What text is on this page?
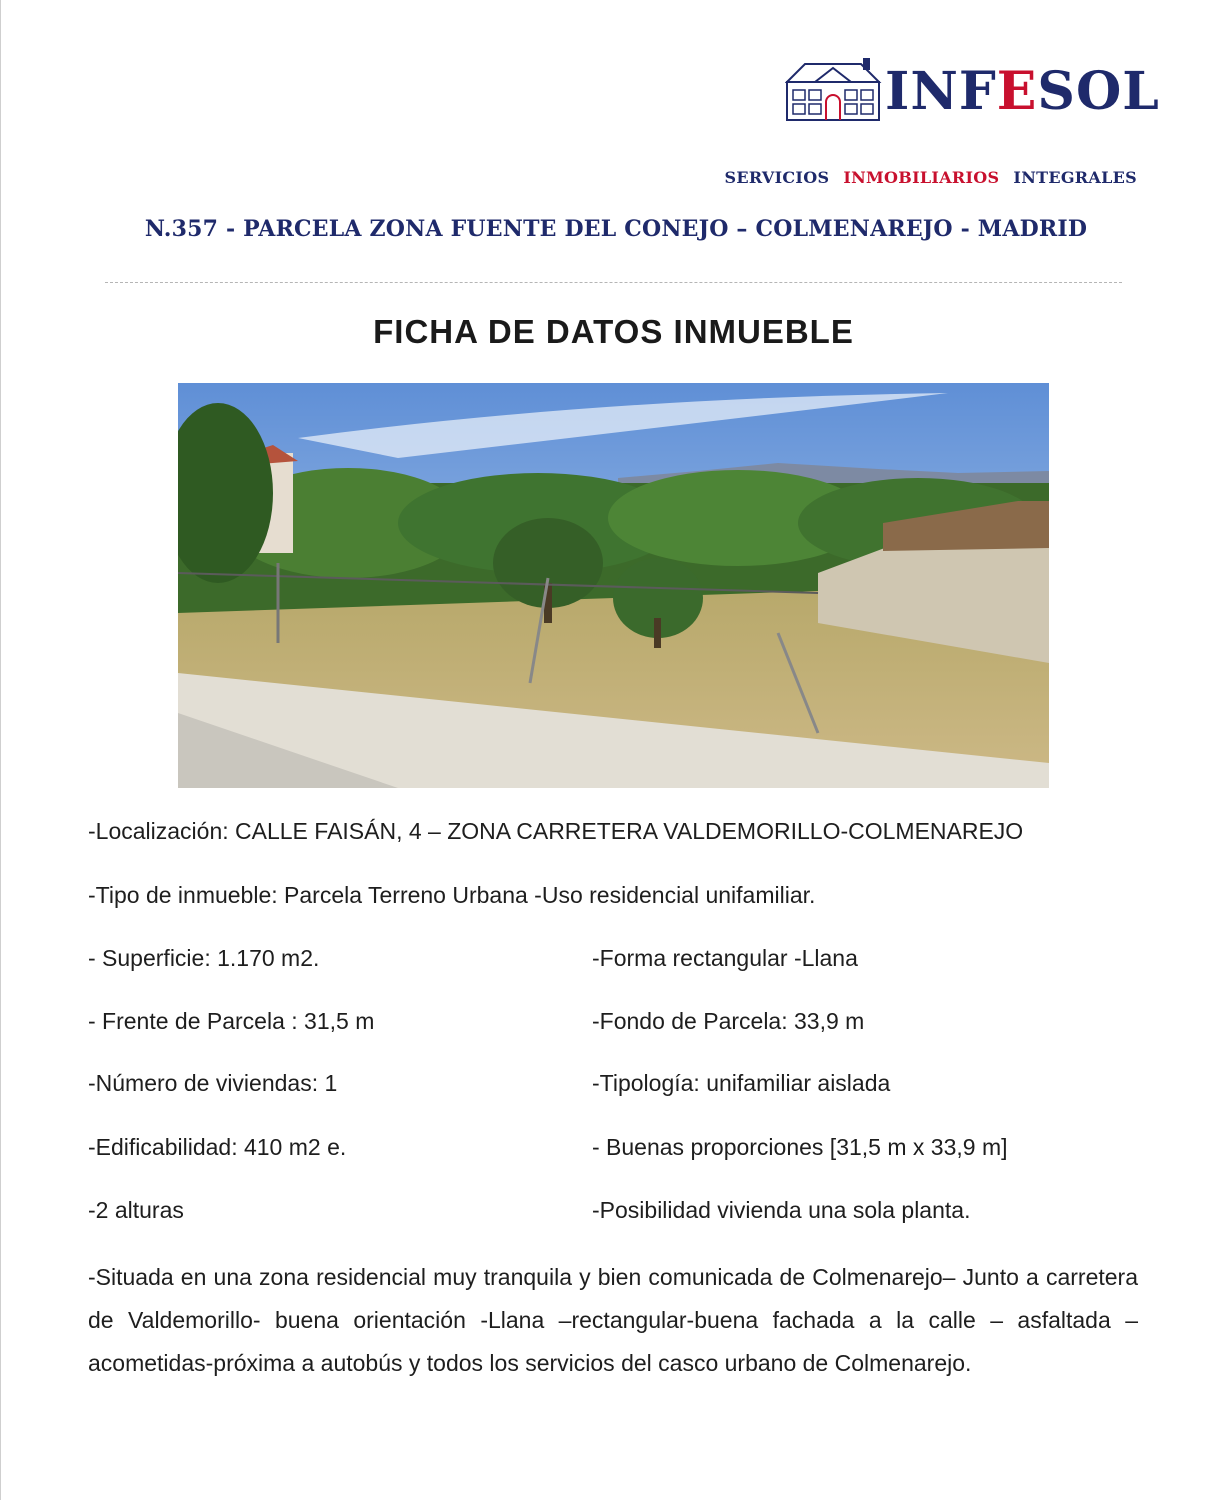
INFESOL
SERVICIOS INMOBILIARIOS INTEGRALES
N.357 - PARCELA ZONA FUENTE DEL CONEJO – COLMENAREJO - MADRID
FICHA DE DATOS INMUEBLE
-Localización: CALLE FAISÁN, 4 – ZONA CARRETERA VALDEMORILLO-COLMENAREJO
-Tipo de inmueble: Parcela Terreno Urbana -Uso residencial unifamiliar.
- Superficie: 1.170 m2.	-Forma rectangular -Llana
- Frente de Parcela : 31,5 m	-Fondo de Parcela: 33,9 m
-Número de viviendas: 1	-Tipología: unifamiliar aislada
-Edificabilidad: 410 m2 e.	- Buenas proporciones [31,5 m x 33,9 m]
-2 alturas	-Posibilidad vivienda una sola planta.
-Situada en una zona residencial muy tranquila y bien comunicada de Colmenarejo– Junto a carretera de Valdemorillo- buena orientación -Llana –rectangular-buena fachada a la calle – asfaltada – acometidas-próxima a autobús y todos los servicios del casco urbano de Colmenarejo.
